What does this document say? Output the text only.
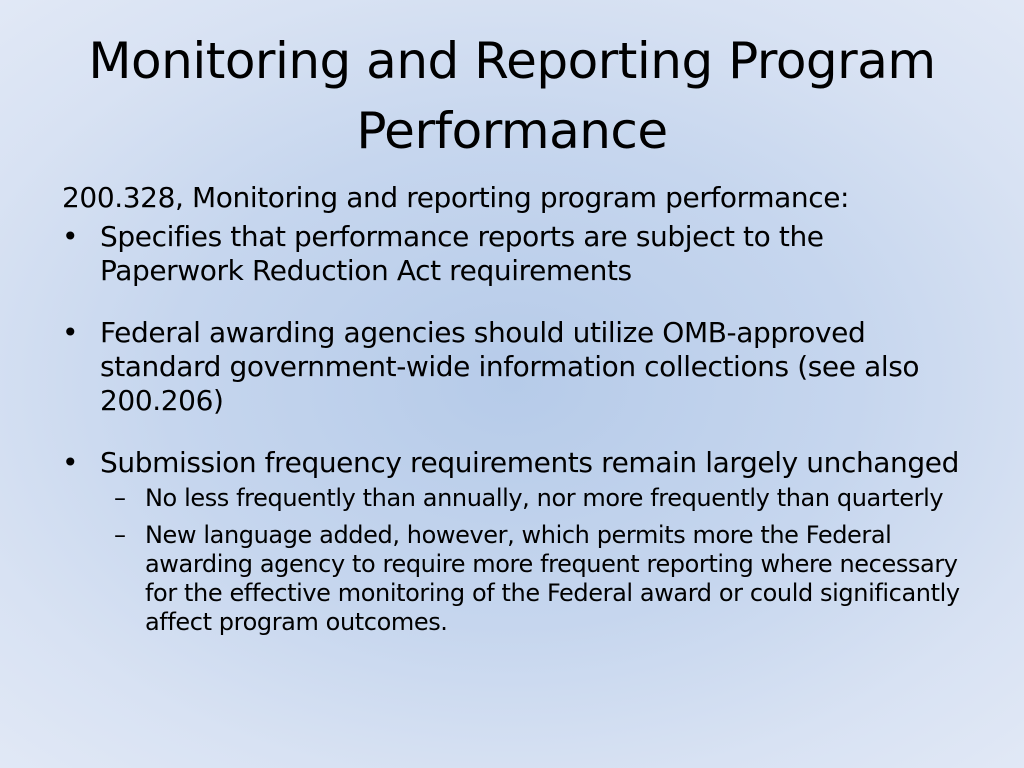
Monitoring and Reporting Program Performance
200.328, Monitoring and reporting program performance:
• Specifies that performance reports are subject to the Paperwork Reduction Act requirements
• Federal awarding agencies should utilize OMB-approved standard government-wide information collections (see also 200.206)
• Submission frequency requirements remain largely unchanged
– No less frequently than annually, nor more frequently than quarterly
– New language added, however, which permits more the Federal awarding agency to require more frequent reporting where necessary for the effective monitoring of the Federal award or could significantly affect program outcomes.
